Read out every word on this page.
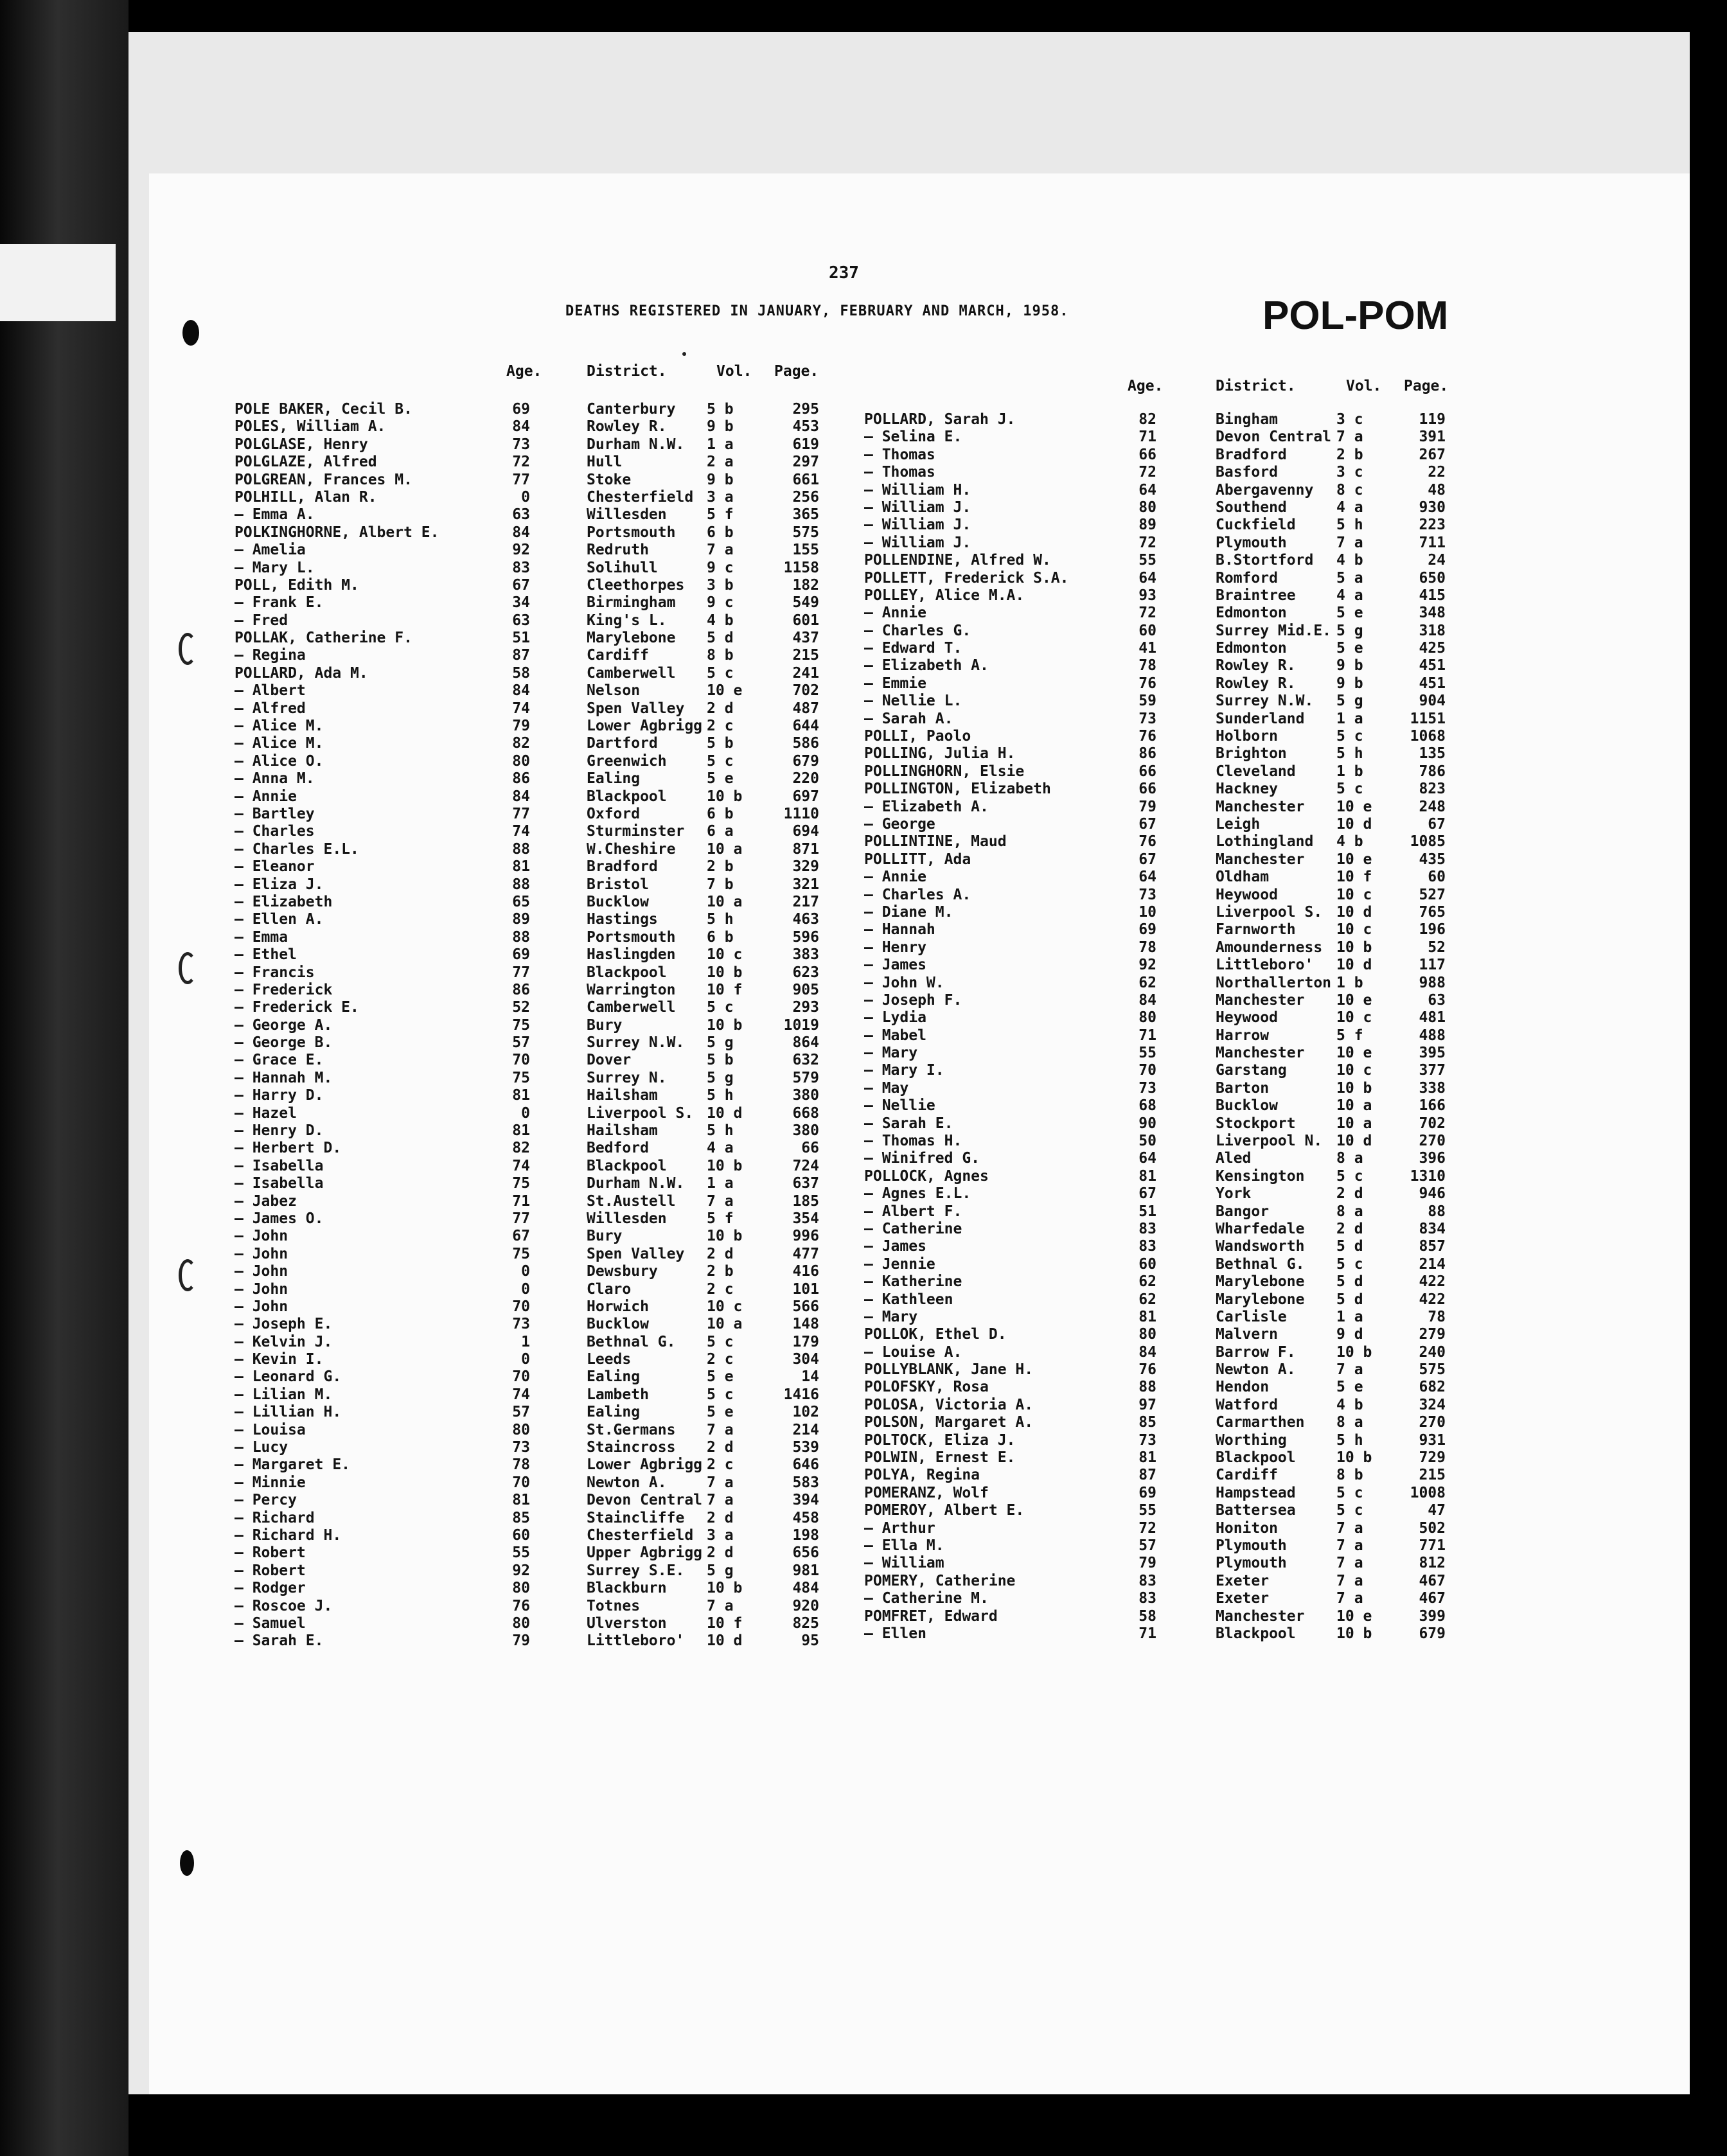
237
DEATHS REGISTERED IN JANUARY, FEBRUARY AND MARCH, 1958.	POL-POM
Age.	District.	Vol. Page.
Age.	District.	Vol. Page.
POLE BAKER, Cecil B.	69	Canterbury 5 b	295
POLES, William A.	84	Rowley R.	9 b	453
POLGLASE, Henry	73	Durham N.W. 1 a	619
POLGLAZE, Alfred	72	Hull	2 a	297
POLGREAN, Frances M.	77	Stoke	9 b	661
POLHILL, Alan R.	0	Chesterfield 3 a	256
— Emma A.	63	Willesden	5 f	365
POLKINGHORNE, Albert E.	84	Portsmouth 6 b	575
— Amelia	92	Redruth	7 a	155
— Mary L.	83	Solihull	9 c	1158
POLL, Edith M.	67	Cleethorpes 3 b	182
— Frank E.	34	Birmingham 9 c	549
— Fred	63	King's L.	4 b	601
POLLAK, Catherine F.	51	Marylebone 5 d	437
— Regina	87	Cardiff	8 b	215
POLLARD, Ada M.	58	Camberwell 5 c	241
— Albert	84	Nelson	10 e	702
— Alfred	74	Spen Valley 2 d	487
— Alice M.	79	Lower Agbrigg 2 c	644
— Alice M.	82	Dartford	5 b	586
— Alice O.	80	Greenwich	5 c	679
— Anna M.	86	Ealing	5 e	220
— Annie	84	Blackpool	10 b	697
— Bartley	77	Oxford	6 b	1110
— Charles	74	Sturminster 6 a	694
— Charles E.L.	88	W.Cheshire 10 a	871
— Eleanor	81	Bradford	2 b	329
— Eliza J.	88	Bristol	7 b	321
— Elizabeth	65	Bucklow	10 a	217
— Ellen A.	89	Hastings	5 h	463
— Emma	88	Portsmouth 6 b	596
— Ethel	69	Haslingden 10 c	383
— Francis	77	Blackpool	10 b	623
— Frederick	86	Warrington 10 f	905
— Frederick E.	52	Camberwell 5 c	293
— George A.	75	Bury	10 b	1019
— George B.	57	Surrey N.W. 5 g	864
— Grace E.	70	Dover	5 b	632
— Hannah M.	75	Surrey N.	5 g	579
— Harry D.	81	Hailsham	5 h	380
— Hazel	0	Liverpool S. 10 d	668
— Henry D.	81	Hailsham	5 h	380
— Herbert D.	82	Bedford	4 a	66
— Isabella	74	Blackpool	10 b	724
— Isabella	75	Durham N.W. 1 a	637
— Jabez	71	St.Austell 7 a	185
— James O.	77	Willesden	5 f	354
— John	67	Bury	10 b	996
— John	75	Spen Valley 2 d	477
— John	0	Dewsbury	2 b	416
— John	0	Claro	2 c	101
— John	70	Horwich	10 c	566
— Joseph E.	73	Bucklow	10 a	148
— Kelvin J.	1	Bethnal G. 5 c	179
— Kevin I.	0	Leeds	2 c	304
— Leonard G.	70	Ealing	5 e	14
— Lilian M.	74	Lambeth	5 c	1416
— Lillian H.	57	Ealing	5 e	102
— Louisa	80	St.Germans 7 a	214
— Lucy	73	Staincross 2 d	539
— Margaret E.	78	Lower Agbrigg 2 c	646
— Minnie	70	Newton A.	7 a	583
— Percy	81	Devon Central 7 a	394
— Richard	85	Staincliffe 2 d	458
— Richard H.	60	Chesterfield 3 a	198
— Robert	55	Upper Agbrigg 2 d	656
— Robert	92	Surrey S.E. 5 g	981
— Rodger	80	Blackburn	10 b	484
— Roscoe J.	76	Totnes	7 a	920
— Samuel	80	Ulverston	10 f	825
— Sarah E.	79	Littleboro' 10 d	95
POLLARD, Sarah J.	82	Bingham	3 c	119
— Selina E.	71	Devon Central 7 a	391
— Thomas	66	Bradford	2 b	267
— Thomas	72	Basford	3 c	22
— William H.	64	Abergavenny 8 c	48
— William J.	80	Southend	4 a	930
— William J.	89	Cuckfield	5 h	223
— William J.	72	Plymouth	7 a	711
POLLENDINE, Alfred W.	55	B.Stortford 4 b	24
POLLETT, Frederick S.A.	64	Romford	5 a	650
POLLEY, Alice M.A.	93	Braintree	4 a	415
— Annie	72	Edmonton	5 e	348
— Charles G.	60	Surrey Mid.E. 5 g	318
— Edward T.	41	Edmonton	5 e	425
— Elizabeth A.	78	Rowley R.	9 b	451
— Emmie	76	Rowley R.	9 b	451
— Nellie L.	59	Surrey N.W. 5 g	904
— Sarah A.	73	Sunderland 1 a	1151
POLLI, Paolo	76	Holborn	5 c	1068
POLLING, Julia H.	86	Brighton	5 h	135
POLLINGHORN, Elsie	66	Cleveland	1 b	786
POLLINGTON, Elizabeth	66	Hackney	5 c	823
— Elizabeth A.	79	Manchester 10 e	248
— George	67	Leigh	10 d	67
POLLINTINE, Maud	76	Lothingland 4 b	1085
POLLITT, Ada	67	Manchester 10 e	435
— Annie	64	Oldham	10 f	60
— Charles A.	73	Heywood	10 c	527
— Diane M.	10	Liverpool S. 10 d	765
— Hannah	69	Farnworth	10 c	196
— Henry	78	Amounderness 10 b	52
— James	92	Littleboro' 10 d	117
— John W.	62	Northallerton 1 b	988
— Joseph F.	84	Manchester 10 e	63
— Lydia	80	Heywood	10 c	481
— Mabel	71	Harrow	5 f	488
— Mary	55	Manchester 10 e	395
— Mary I.	70	Garstang	10 c	377
— May	73	Barton	10 b	338
— Nellie	68	Bucklow	10 a	166
— Sarah E.	90	Stockport	10 a	702
— Thomas H.	50	Liverpool N. 10 d	270
— Winifred G.	64	Aled	8 a	396
POLLOCK, Agnes	81	Kensington 5 c	1310
— Agnes E.L.	67	York	2 d	946
— Albert F.	51	Bangor	8 a	88
— Catherine	83	Wharfedale 2 d	834
— James	83	Wandsworth 5 d	857
— Jennie	60	Bethnal G. 5 c	214
— Katherine	62	Marylebone 5 d	422
— Kathleen	62	Marylebone 5 d	422
— Mary	81	Carlisle	1 a	78
POLLOK, Ethel D.	80	Malvern	9 d	279
— Louise A.	84	Barrow F.	10 b	240
POLLYBLANK, Jane H.	76	Newton A.	7 a	575
POLOFSKY, Rosa	88	Hendon	5 e	682
POLOSA, Victoria A.	97	Watford	4 b	324
POLSON, Margaret A.	85	Carmarthen 8 a	270
POLTOCK, Eliza J.	73	Worthing	5 h	931
POLWIN, Ernest E.	81	Blackpool	10 b	729
POLYA, Regina	87	Cardiff	8 b	215
POMERANZ, Wolf	69	Hampstead	5 c	1008
POMEROY, Albert E.	55	Battersea	5 c	47
— Arthur	72	Honiton	7 a	502
— Ella M.	57	Plymouth	7 a	771
— William	79	Plymouth	7 a	812
POMERY, Catherine	83	Exeter	7 a	467
— Catherine M.	83	Exeter	7 a	467
POMFRET, Edward	58	Manchester 10 e	399
— Ellen	71	Blackpool	10 b	679
